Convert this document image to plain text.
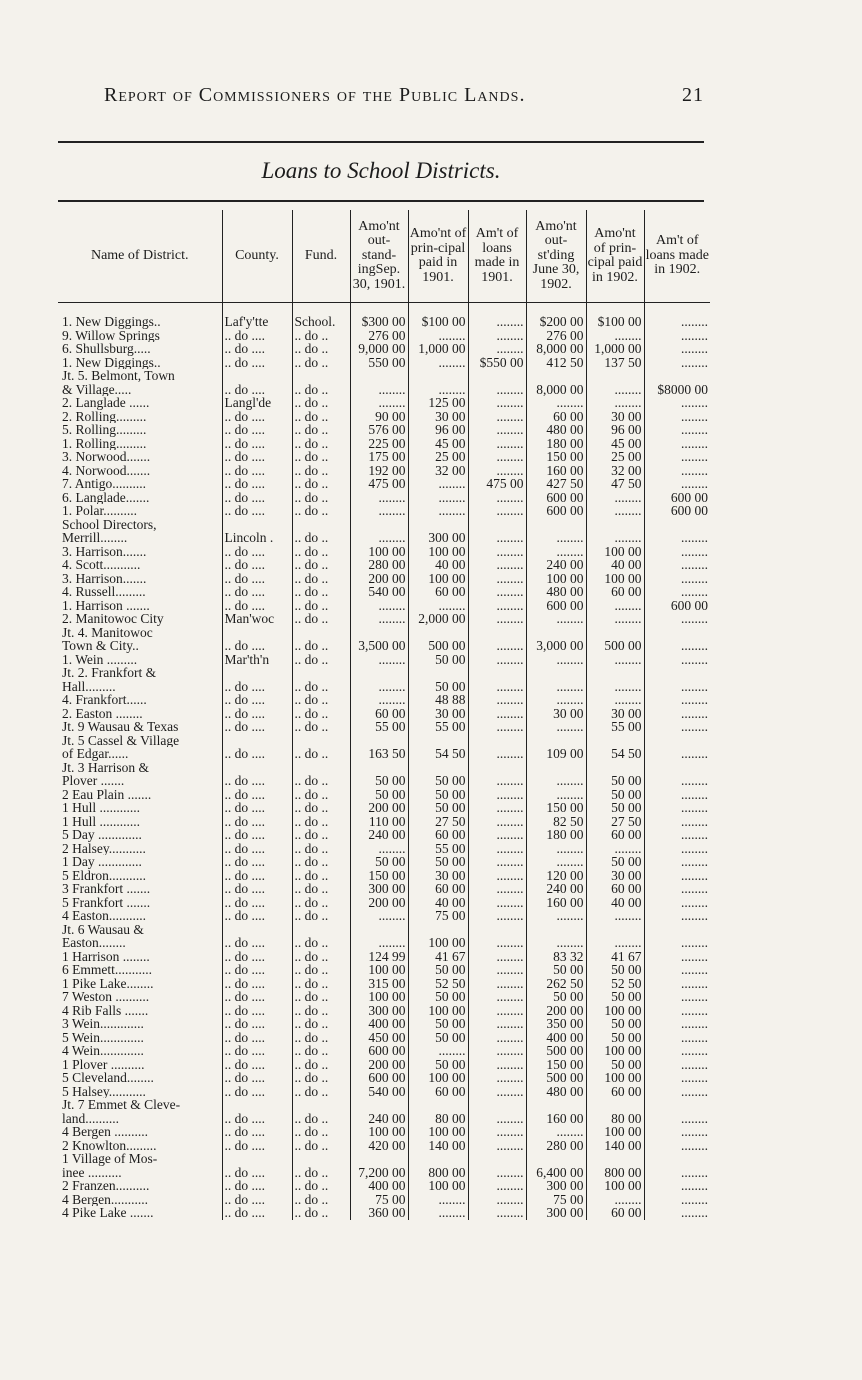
Report of Commissioners of the Public Lands.	21
Loans to School Districts.
Name of District.	County.	Fund.	Amo'nt out-stand-ingSep. 30, 1901.	Amo'nt of prin-cipal paid in 1901.	Am't of loans made in 1901.	Amo'nt out-st'ding June 30, 1902.	Amo'nt of prin-cipal paid in 1902.	Am't of loans made in 1902.

1. New Diggings..	Laf'y'tte	School.	$300 00	$100 00	........	$200 00	$100 00	........
9. Willow Springs	.. do ....	.. do ..	276 00	........	........	276 00	........	........
6. Shullsburg.....	.. do ....	.. do ..	9,000 00	1,000 00	........	8,000 00	1,000 00	........
1. New Diggings..	.. do ....	.. do ..	550 00	........	$550 00	412 50	137 50	........
Jt. 5. Belmont, Town								
& Village.....	.. do ....	.. do ..	........	........	........	8,000 00	........	$8000 00
2. Langlade ......	Langl'de	.. do ..	........	125 00	........	........	........	........
2. Rolling.........	.. do ....	.. do ..	90 00	30 00	........	60 00	30 00	........
5. Rolling.........	.. do ....	.. do ..	576 00	96 00	........	480 00	96 00	........
1. Rolling.........	.. do ....	.. do ..	225 00	45 00	........	180 00	45 00	........
3. Norwood.......	.. do ....	.. do ..	175 00	25 00	........	150 00	25 00	........
4. Norwood.......	.. do ....	.. do ..	192 00	32 00	........	160 00	32 00	........
7. Antigo..........	.. do ....	.. do ..	475 00	........	475 00	427 50	47 50	........
6. Langlade.......	.. do ....	.. do ..	........	........	........	600 00	........	600 00
1. Polar..........	.. do ....	.. do ..	........	........	........	600 00	........	600 00
School Directors,								
Merrill........	Lincoln .	.. do ..	........	300 00	........	........	........	........
3. Harrison.......	.. do ....	.. do ..	100 00	100 00	........	........	100 00	........
4. Scott...........	.. do ....	.. do ..	280 00	40 00	........	240 00	40 00	........
3. Harrison.......	.. do ....	.. do ..	200 00	100 00	........	100 00	100 00	........
4. Russell.........	.. do ....	.. do ..	540 00	60 00	........	480 00	60 00	........
1. Harrison .......	.. do ....	.. do ..	........	........	........	600 00	........	600 00
2. Manitowoc City	Man'woc	.. do ..	........	2,000 00	........	........	........	........
Jt. 4. Manitowoc								
Town & City..	.. do ....	.. do ..	3,500 00	500 00	........	3,000 00	500 00	........
1. Wein .........	Mar'th'n	.. do ..	........	50 00	........	........	........	........
Jt. 2. Frankfort &								
Hall.........	.. do ....	.. do ..	........	50 00	........	........	........	........
4. Frankfort......	.. do ....	.. do ..	........	48 88	........	........	........	........
2. Easton ........	.. do ....	.. do ..	60 00	30 00	........	30 00	30 00	........
Jt. 9 Wausau & Texas	.. do ....	.. do ..	55 00	55 00	........	........	55 00	........
Jt. 5 Cassel & Village								
of Edgar......	.. do ....	.. do ..	163 50	54 50	........	109 00	54 50	........
Jt. 3 Harrison &								
Plover .......	.. do ....	.. do ..	50 00	50 00	........	........	50 00	........
2 Eau Plain .......	.. do ....	.. do ..	50 00	50 00	........	........	50 00	........
1 Hull ............	.. do ....	.. do ..	200 00	50 00	........	150 00	50 00	........
1 Hull ............	.. do ....	.. do ..	110 00	27 50	........	82 50	27 50	........
5 Day .............	.. do ....	.. do ..	240 00	60 00	........	180 00	60 00	........
2 Halsey...........	.. do ....	.. do ..	........	55 00	........	........	........	........
1 Day .............	.. do ....	.. do ..	50 00	50 00	........	........	50 00	........
5 Eldron...........	.. do ....	.. do ..	150 00	30 00	........	120 00	30 00	........
3 Frankfort .......	.. do ....	.. do ..	300 00	60 00	........	240 00	60 00	........
5 Frankfort .......	.. do ....	.. do ..	200 00	40 00	........	160 00	40 00	........
4 Easton...........	.. do ....	.. do ..	........	75 00	........	........	........	........
Jt. 6 Wausau &								
Easton........	.. do ....	.. do ..	........	100 00	........	........	........	........
1 Harrison ........	.. do ....	.. do ..	124 99	41 67	........	83 32	41 67	........
6 Emmett...........	.. do ....	.. do ..	100 00	50 00	........	50 00	50 00	........
1 Pike Lake........	.. do ....	.. do ..	315 00	52 50	........	262 50	52 50	........
7 Weston ..........	.. do ....	.. do ..	100 00	50 00	........	50 00	50 00	........
4 Rib Falls .......	.. do ....	.. do ..	300 00	100 00	........	200 00	100 00	........
3 Wein.............	.. do ....	.. do ..	400 00	50 00	........	350 00	50 00	........
5 Wein.............	.. do ....	.. do ..	450 00	50 00	........	400 00	50 00	........
4 Wein.............	.. do ....	.. do ..	600 00	........	........	500 00	100 00	........
1 Plover ..........	.. do ....	.. do ..	200 00	50 00	........	150 00	50 00	........
5 Cleveland........	.. do ....	.. do ..	600 00	100 00	........	500 00	100 00	........
5 Halsey...........	.. do ....	.. do ..	540 00	60 00	........	480 00	60 00	........
Jt. 7 Emmet & Cleve-								
land..........	.. do ....	.. do ..	240 00	80 00	........	160 00	80 00	........
4 Bergen ..........	.. do ....	.. do ..	100 00	100 00	........	........	100 00	........
2 Knowlton.........	.. do ....	.. do ..	420 00	140 00	........	280 00	140 00	........
1 Village of Mos-								
inee ..........	.. do ....	.. do ..	7,200 00	800 00	........	6,400 00	800 00	........
2 Franzen..........	.. do ....	.. do ..	400 00	100 00	........	300 00	100 00	........
4 Bergen...........	.. do ....	.. do ..	75 00	........	........	75 00	........	........
4 Pike Lake .......	.. do ....	.. do ..	360 00	........	........	300 00	60 00	........
